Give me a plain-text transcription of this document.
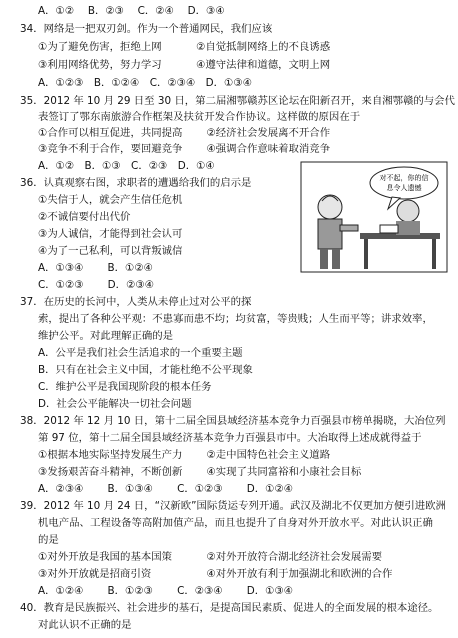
A．①②　 B．②③　 C．②④　 D．③④
34．网络是一把双刃剑。作为一个普通网民，我们应该
①为了避免伤害，拒绝上网　　　 ②自觉抵制网络上的不良诱惑
③利用网络优势，努力学习　　　 ④遵守法律和道德，文明上网
A．①②③　B．①②④　C．②③④　D．①③④
35．2012 年 10 月 29 日至 30 日，第二届湘鄂赣苏区论坛在阳新召开，来自湘鄂赣的与会代
表签订了鄂东南旅游合作框架及扶贫开发合作协议。这样做的原因在于
①合作可以相互促进，共同提高　　 ②经济社会发展离不开合作
③竞争不利于合作，要回避竞争　　 ④强调合作意味着取消竞争
A．①②　B．①③　C．②③　D．①④
36．认真观察右图，求职者的遭遇给我们的启示是
①失信于人，就会产生信任危机
②不诚信要付出代价
③为人诚信，才能得到社会认可
④为了一己私利，可以背叛诚信
A．①③④　　 B．①②④
C．①②③　　 D．②③④
37．在历史的长河中，人类从未停止过对公平的探
索，提出了各种公平观：不患寡而患不均；均贫富，等贵贱；人生而平等；讲求效率，
维护公平。对此理解正确的是
A．公平是我们社会生活追求的一个重要主题
B．只有在社会主义中国，才能杜绝不公平现象
C．维护公平是我国现阶段的根本任务
D．社会公平能解决一切社会问题
38．2012 年 12 月 10 日，第十二届全国县域经济基本竞争力百强县市榜单揭晓，大冶位列
第 97 位，第十二届全国县域经济基本竞争力百强县市中。大冶取得上述成就得益于
①根据本地实际坚持发展生产力　　 ②走中国特色社会主义道路
③发扬艰苦奋斗精神，不断创新　　 ④实现了共同富裕和小康社会目标
A．②③④　　 B．①③④　　 C．①②③　　 D．①②④
39．2012 年 10 月 24 日，“汉新欧”国际货运专列开通。武汉及湖北不仅更加方便引进欧洲
机电产品、工程设备等高附加值产品，而且也提升了自身对外开放水平。对此认识正确
的是
①对外开放是我国的基本国策　　　 ②对外开放符合湖北经济社会发展需要
③对外开放就是招商引资　　　　　 ④对外开放有利于加强湖北和欧洲的合作
A．①②④　　 B．①②③　　 C．②③④　　 D．①③④
40．教育是民族振兴、社会进步的基石，是提高国民素质、促进人的全面发展的根本途径。
对此认识不正确的是
对不起，你的信
息令人遗憾
